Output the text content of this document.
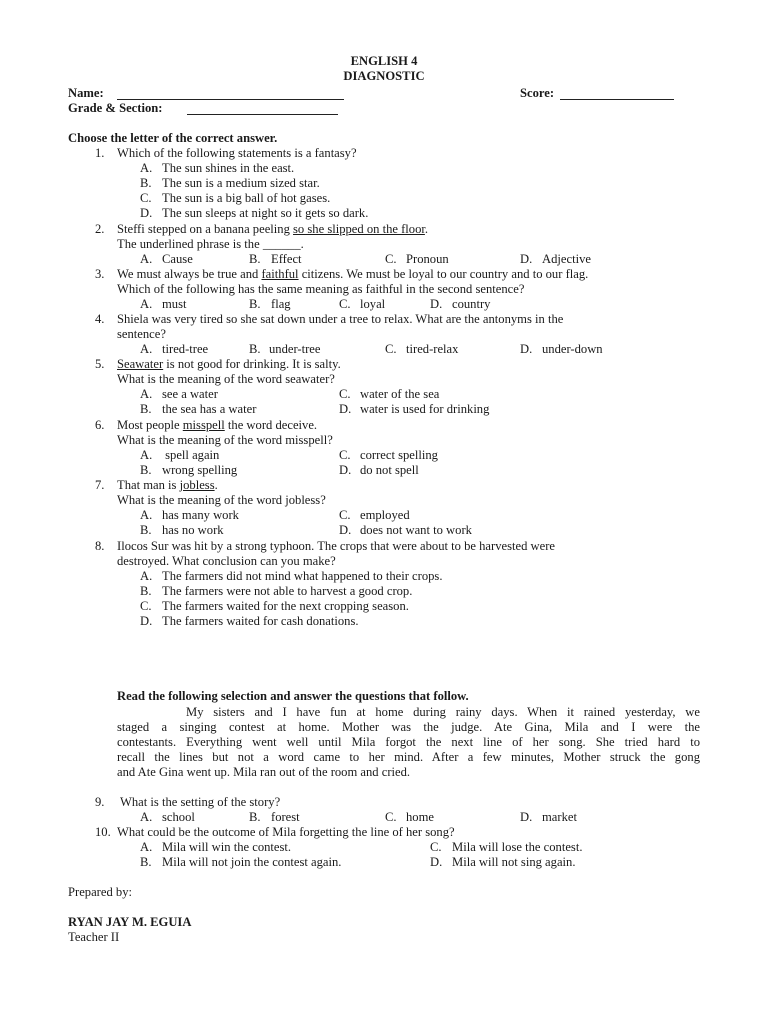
ENGLISH 4
DIAGNOSTIC
Name:	Score:
Grade & Section:
Choose the letter of the correct answer.
1. Which of the following statements is a fantasy?
A. The sun shines in the east.
B. The sun is a medium sized star.
C. The sun is a big ball of hot gases.
D. The sun sleeps at night so it gets so dark.
2. Steffi stepped on a banana peeling so she slipped on the floor.
The underlined phrase is the ______.
A. Cause	B. Effect	C. Pronoun	D. Adjective
3. We must always be true and faithful citizens. We must be loyal to our country and to our flag.
Which of the following has the same meaning as faithful in the second sentence?
A. must	B. flag	C. loyal	D. country
4. Shiela was very tired so she sat down under a tree to relax. What are the antonyms in the
sentence?
A. tired-tree	B. under-tree	C. tired-relax	D. under-down
5. Seawater is not good for drinking. It is salty.
What is the meaning of the word seawater?
A. see a water
B. the sea has a water
C. water of the sea
D. water is used for drinking
6. Most people misspell the word deceive.
What is the meaning of the word misspell?
A. spell again
B. wrong spelling
C. correct spelling
D. do not spell
7. That man is jobless.
What is the meaning of the word jobless?
A. has many work
B. has no work
C. employed
D. does not want to work
8. Ilocos Sur was hit by a strong typhoon. The crops that were about to be harvested were
destroyed. What conclusion can you make?
A. The farmers did not mind what happened to their crops.
B. The farmers were not able to harvest a good crop.
C. The farmers waited for the next cropping season.
D. The farmers waited for cash donations.
Read the following selection and answer the questions that follow.
My sisters and I have fun at home during rainy days. When it rained yesterday, we
staged a singing contest at home. Mother was the judge. Ate Gina, Mila and I were the
contestants. Everything went well until Mila forgot the next line of her song. She tried hard to
recall the lines but not a word came to her mind. After a few minutes, Mother struck the gong
and Ate Gina went up. Mila ran out of the room and cried.
9. What is the setting of the story?
A. school	B. forest	C. home	D. market
10. What could be the outcome of Mila forgetting the line of her song?
A. Mila will win the contest.
B. Mila will not join the contest again.
C. Mila will lose the contest.
D. Mila will not sing again.
Prepared by:
RYAN JAY M. EGUIA
Teacher II
